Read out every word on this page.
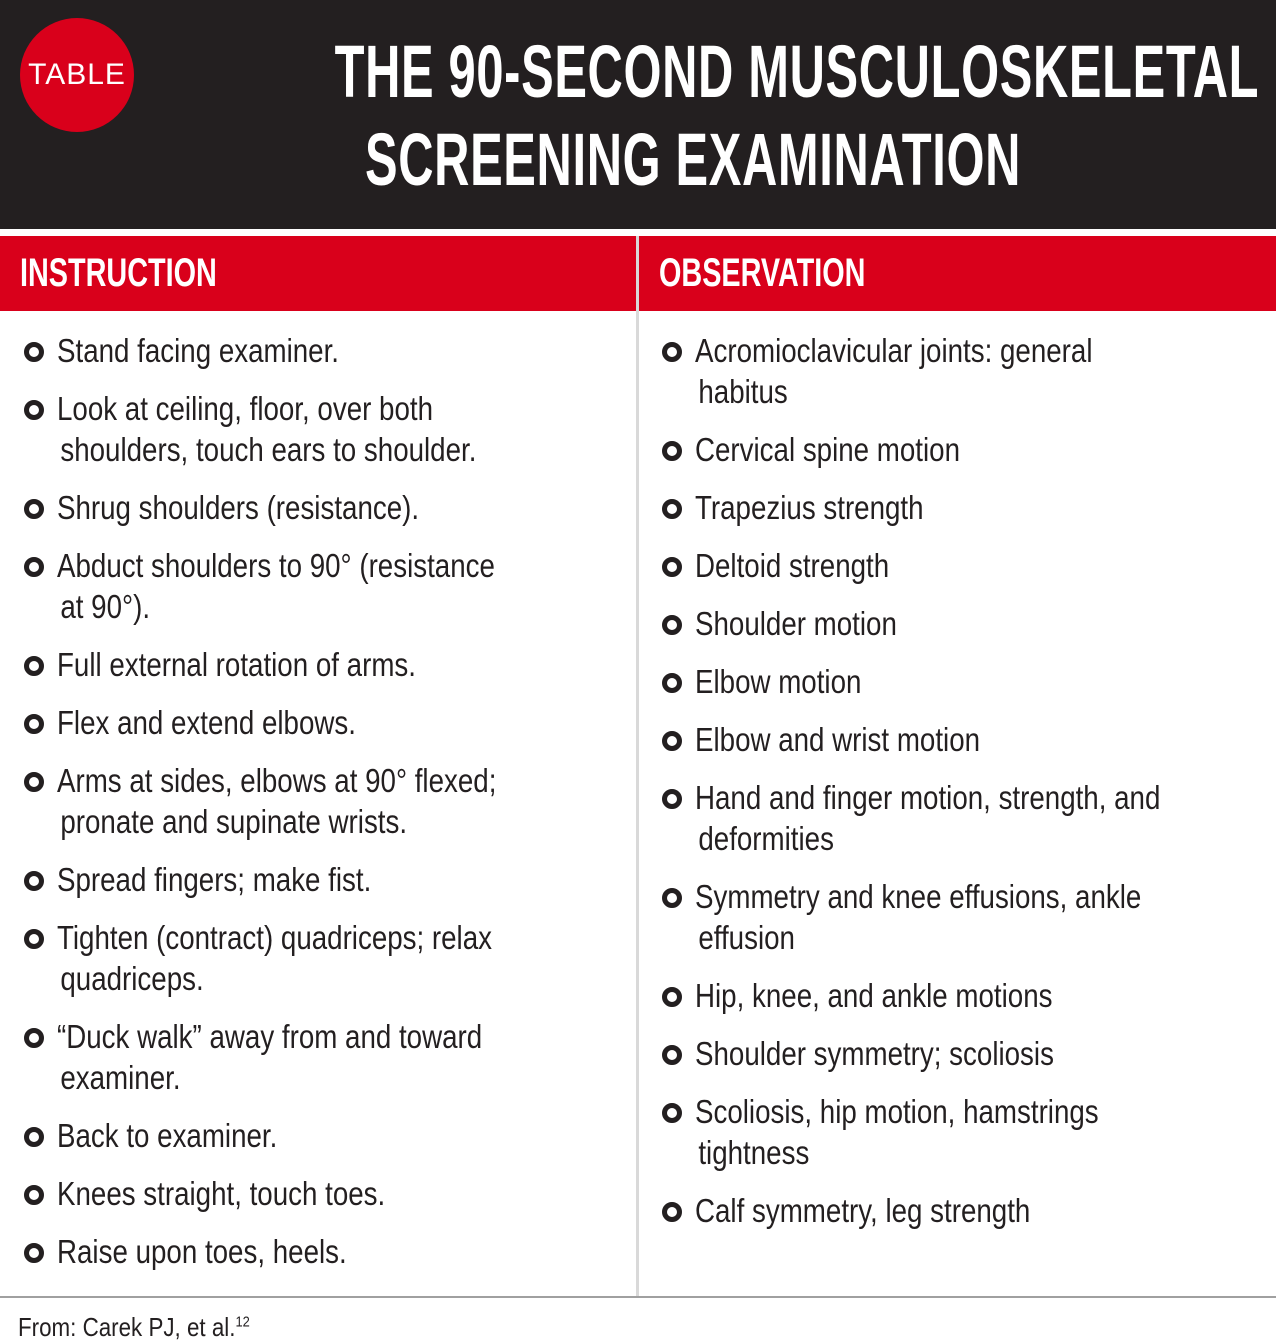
TABLE	THE 90-SECOND MUSCULOSKELETAL
SCREENING EXAMINATION
INSTRUCTION	OBSERVATION
Stand facing examiner.
Look at ceiling, floor, over both
shoulders, touch ears to shoulder.
Shrug shoulders (resistance).
Abduct shoulders to 90° (resistance
at 90°).
Full external rotation of arms.
Flex and extend elbows.
Arms at sides, elbows at 90° flexed;
pronate and supinate wrists.
Spread fingers; make fist.
Tighten (contract) quadriceps; relax
quadriceps.
“Duck walk” away from and toward
examiner.
Back to examiner.
Knees straight, touch toes.
Raise upon toes, heels.
Acromioclavicular joints: general
habitus
Cervical spine motion
Trapezius strength
Deltoid strength
Shoulder motion
Elbow motion
Elbow and wrist motion
Hand and finger motion, strength, and
deformities
Symmetry and knee effusions, ankle
effusion
Hip, knee, and ankle motions
Shoulder symmetry; scoliosis
Scoliosis, hip motion, hamstrings
tightness
Calf symmetry, leg strength
From: Carek PJ, et al.$^{12}$
